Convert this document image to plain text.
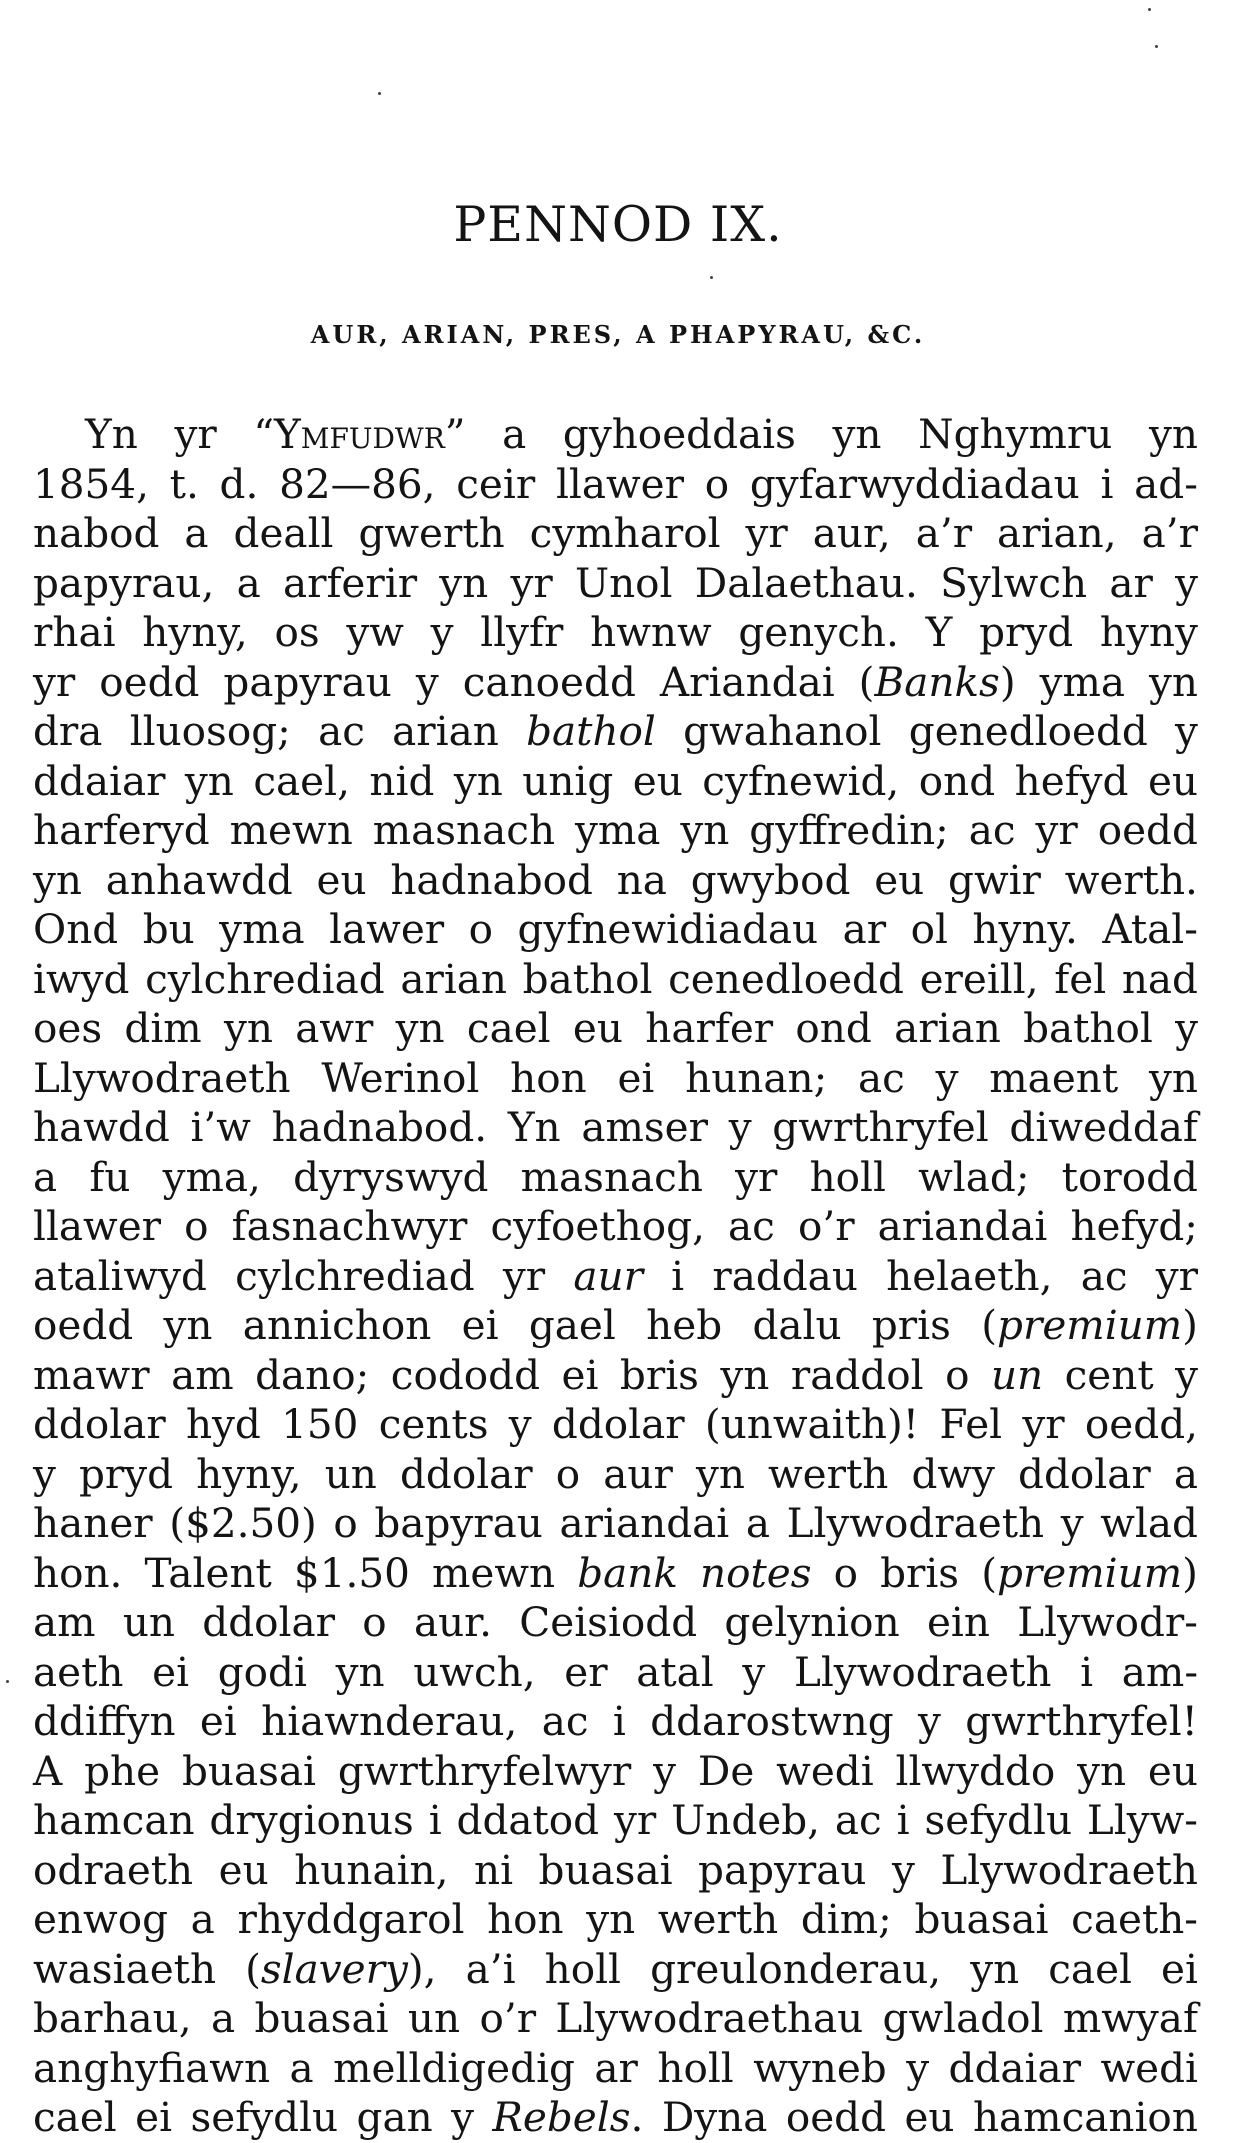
PENNOD IX.
AUR, ARIAN, PRES, A PHAPYRAU, &C.
Yn yr “Ymfudwr” a gyhoeddais yn Nghymru yn
1854, t. d. 82—86, ceir llawer o gyfarwyddiadau i ad-
nabod a deall gwerth cymharol yr aur, a’r arian, a’r
papyrau, a arferir yn yr Unol Dalaethau. Sylwch ar y
rhai hyny, os yw y llyfr hwnw genych. Y pryd hyny
yr oedd papyrau y canoedd Ariandai (Banks) yma yn
dra lluosog; ac arian bathol gwahanol genedloedd y
ddaiar yn cael, nid yn unig eu cyfnewid, ond hefyd eu
harferyd mewn masnach yma yn gyffredin; ac yr oedd
yn anhawdd eu hadnabod na gwybod eu gwir werth.
Ond bu yma lawer o gyfnewidiadau ar ol hyny. Atal-
iwyd cylchrediad arian bathol cenedloedd ereill, fel nad
oes dim yn awr yn cael eu harfer ond arian bathol y
Llywodraeth Werinol hon ei hunan; ac y maent yn
hawdd i’w hadnabod. Yn amser y gwrthryfel diweddaf
a fu yma, dyryswyd masnach yr holl wlad; torodd
llawer o fasnachwyr cyfoethog, ac o’r ariandai hefyd;
ataliwyd cylchrediad yr aur i raddau helaeth, ac yr
oedd yn annichon ei gael heb dalu pris (premium)
mawr am dano; cododd ei bris yn raddol o un cent y
ddolar hyd 150 cents y ddolar (unwaith)! Fel yr oedd,
y pryd hyny, un ddolar o aur yn werth dwy ddolar a
haner ($2.50) o bapyrau ariandai a Llywodraeth y wlad
hon. Talent $1.50 mewn bank notes o bris (premium)
am un ddolar o aur. Ceisiodd gelynion ein Llywodr-
aeth ei godi yn uwch, er atal y Llywodraeth i am-
ddiffyn ei hiawnderau, ac i ddarostwng y gwrthryfel!
A phe buasai gwrthryfelwyr y De wedi llwyddo yn eu
hamcan drygionus i ddatod yr Undeb, ac i sefydlu Llyw-
odraeth eu hunain, ni buasai papyrau y Llywodraeth
enwog a rhyddgarol hon yn werth dim; buasai caeth-
wasiaeth (slavery), a’i holl greulonderau, yn cael ei
barhau, a buasai un o’r Llywodraethau gwladol mwyaf
anghyfiawn a melldigedig ar holl wyneb y ddaiar wedi
cael ei sefydlu gan y Rebels. Dyna oedd eu hamcanion
